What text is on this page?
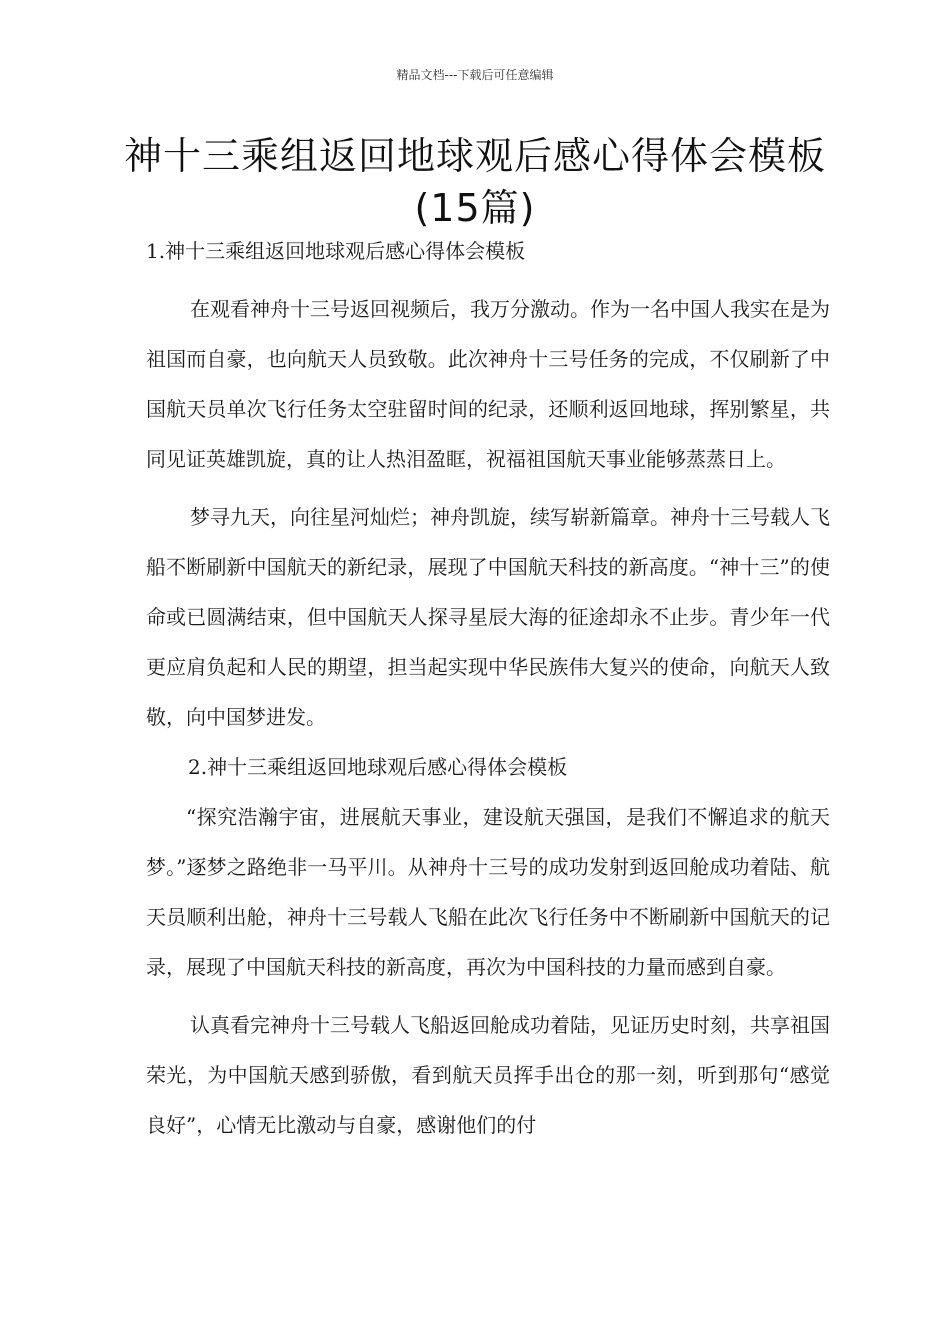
精品文档---下载后可任意编辑
神十三乘组返回地球观后感心得体会模板(15篇)

1.神十三乘组返回地球观后感心得体会模板

在观看神舟十三号返回视频后，我万分激动。作为一名中国人我实在是为祖国而自豪，也向航天人员致敬。此次神舟十三号任务的完成，不仅刷新了中国航天员单次飞行任务太空驻留时间的纪录，还顺利返回地球，挥别繁星，共同见证英雄凯旋，真的让人热泪盈眶，祝福祖国航天事业能够蒸蒸日上。

梦寻九天，向往星河灿烂；神舟凯旋，续写崭新篇章。神舟十三号载人飞船不断刷新中国航天的新纪录，展现了中国航天科技的新高度。“神十三”的使命或已圆满结束，但中国航天人探寻星辰大海的征途却永不止步。青少年一代更应肩负起和人民的期望，担当起实现中华民族伟大复兴的使命，向航天人致敬，向中国梦进发。

2.神十三乘组返回地球观后感心得体会模板

“探究浩瀚宇宙，进展航天事业，建设航天强国，是我们不懈追求的航天梦。”逐梦之路绝非一马平川。从神舟十三号的成功发射到返回舱成功着陆、航天员顺利出舱，神舟十三号载人飞船在此次飞行任务中不断刷新中国航天的记录，展现了中国航天科技的新高度，再次为中国科技的力量而感到自豪。

认真看完神舟十三号载人飞船返回舱成功着陆，见证历史时刻，共享祖国荣光，为中国航天感到骄傲，看到航天员挥手出仓的那一刻，听到那句“感觉良好”，心情无比激动与自豪，感谢他们的付
